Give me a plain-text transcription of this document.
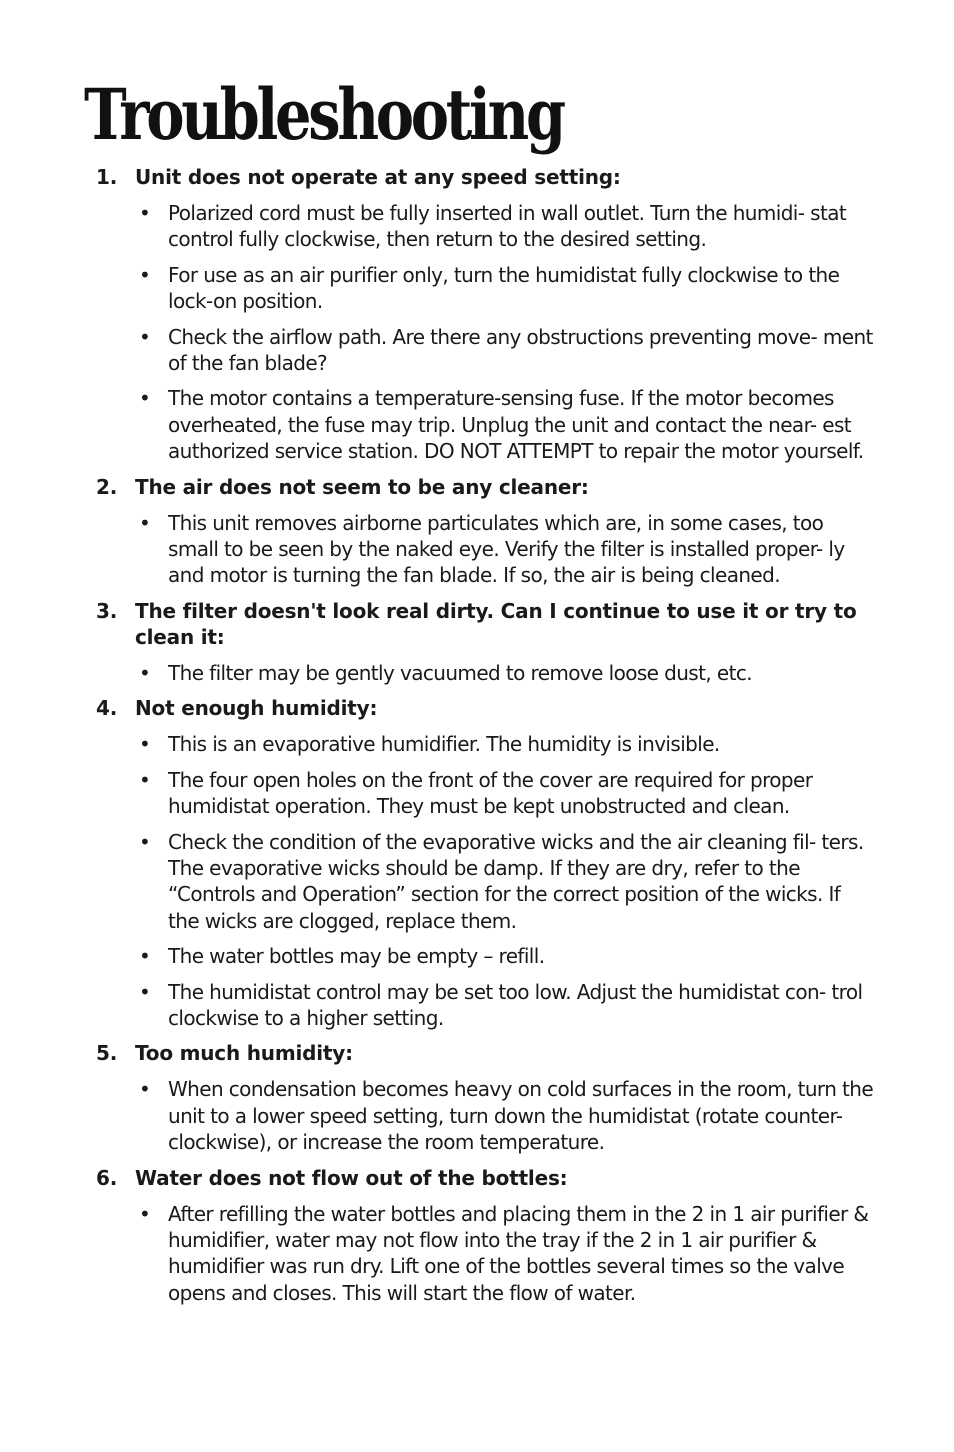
Troubleshooting
1. Unit does not operate at any speed setting:
• Polarized cord must be fully inserted in wall outlet. Turn the humidi- stat control fully clockwise, then return to the desired setting.
• For use as an air purifier only, turn the humidistat fully clockwise to the lock-on position.
• Check the airflow path. Are there any obstructions preventing move- ment of the fan blade?
• The motor contains a temperature-sensing fuse. If the motor becomes overheated, the fuse may trip. Unplug the unit and contact the near- est authorized service station. DO NOT ATTEMPT to repair the motor yourself.
2. The air does not seem to be any cleaner:
• This unit removes airborne particulates which are, in some cases, too small to be seen by the naked eye. Verify the filter is installed proper- ly and motor is turning the fan blade. If so, the air is being cleaned.
3. The filter doesn't look real dirty. Can I continue to use it or try to clean it:
• The filter may be gently vacuumed to remove loose dust, etc.
4. Not enough humidity:
• This is an evaporative humidifier. The humidity is invisible.
• The four open holes on the front of the cover are required for proper humidistat operation. They must be kept unobstructed and clean.
• Check the condition of the evaporative wicks and the air cleaning fil- ters. The evaporative wicks should be damp. If they are dry, refer to the “Controls and Operation” section for the correct position of the wicks. If the wicks are clogged, replace them.
• The water bottles may be empty – refill.
• The humidistat control may be set too low. Adjust the humidistat con- trol clockwise to a higher setting.
5. Too much humidity:
• When condensation becomes heavy on cold surfaces in the room, turn the unit to a lower speed setting, turn down the humidistat (rotate counter-clockwise), or increase the room temperature.
6. Water does not flow out of the bottles:
• After refilling the water bottles and placing them in the 2 in 1 air purifier & humidifier, water may not flow into the tray if the 2 in 1 air purifier & humidifier was run dry. Lift one of the bottles several times so the valve opens and closes. This will start the flow of water.
